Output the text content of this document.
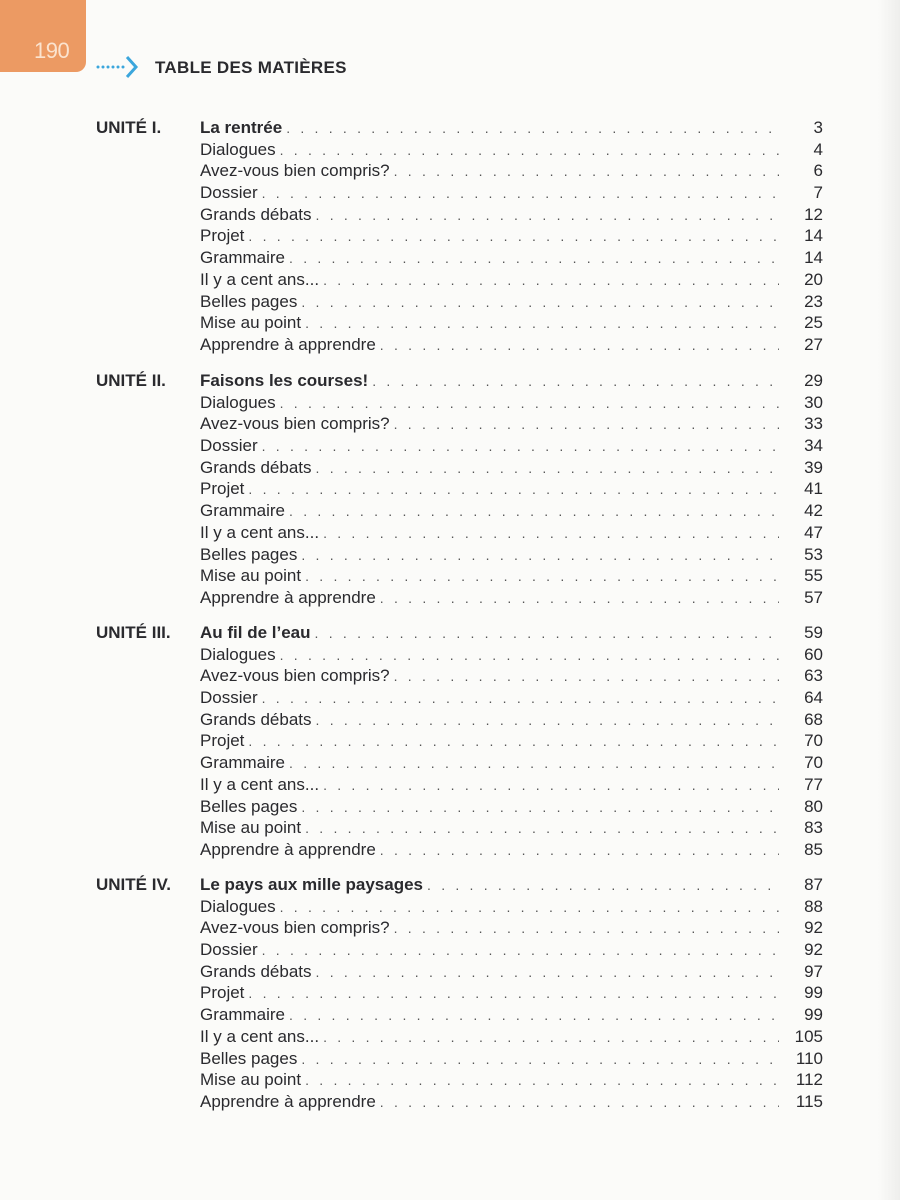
190
TABLE DES MATIÈRES
UNITÉ I.	La rentrée . . .	3
Dialogues . . .	4
Avez-vous bien compris? . . .	6
Dossier . . .	7
Grands débats . . .	12
Projet . . .	14
Grammaire . . .	14
Il y a cent ans... . . .	20
Belles pages . . .	23
Mise au point . . .	25
Apprendre à apprendre . . .	27
UNITÉ II.	Faisons les courses! . . .	29
Dialogues . . .	30
Avez-vous bien compris? . . .	33
Dossier . . .	34
Grands débats . . .	39
Projet . . .	41
Grammaire . . .	42
Il y a cent ans... . . .	47
Belles pages . . .	53
Mise au point . . .	55
Apprendre à apprendre . . .	57
UNITÉ III.	Au fil de l’eau . . .	59
Dialogues . . .	60
Avez-vous bien compris? . . .	63
Dossier . . .	64
Grands débats . . .	68
Projet . . .	70
Grammaire . . .	70
Il y a cent ans... . . .	77
Belles pages . . .	80
Mise au point . . .	83
Apprendre à apprendre . . .	85
UNITÉ IV.	Le pays aux mille paysages . . .	87
Dialogues . . .	88
Avez-vous bien compris? . . .	92
Dossier . . .	92
Grands débats . . .	97
Projet . . .	99
Grammaire . . .	99
Il y a cent ans... . . .	105
Belles pages . . .	110
Mise au point . . .	112
Apprendre à apprendre . . .	115
